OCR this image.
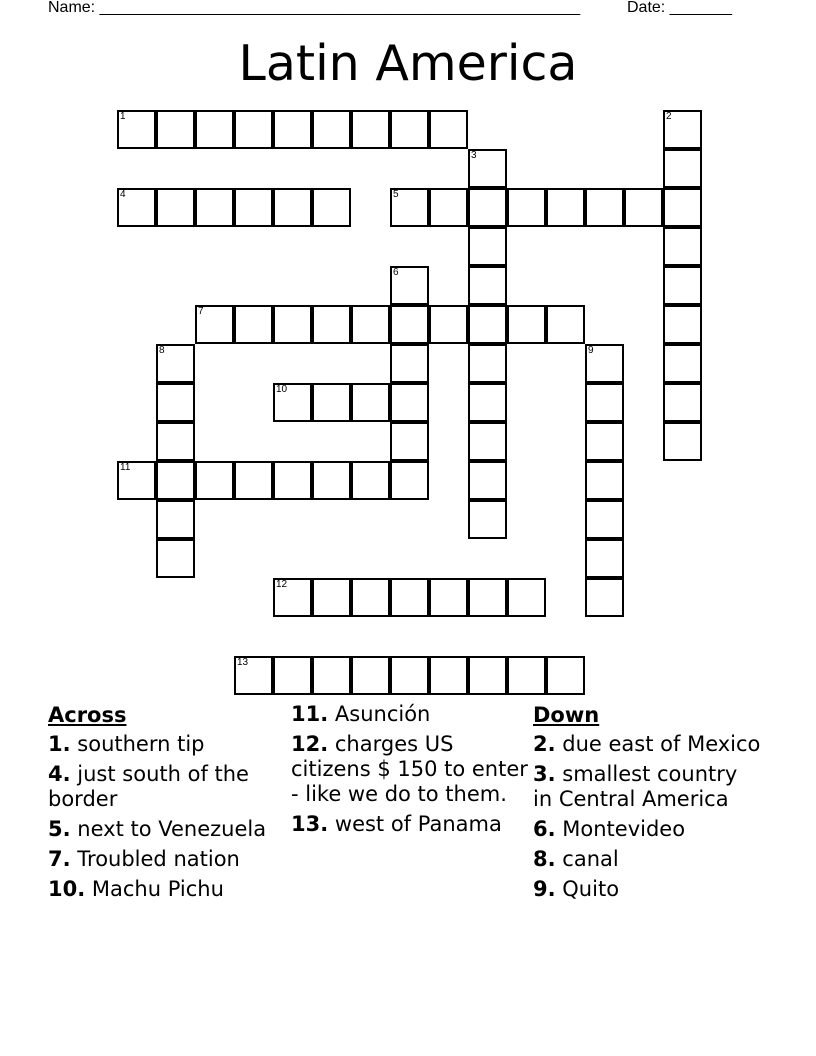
Name: ______________________________________________________	Date: _______
Latin America
1	2
3
4	5
6
7
8	9
10
11
12
13
Across
1. southern tip
4. just south of the border
5. next to Venezuela
7. Troubled nation
10. Machu Pichu
11. Asunción
12. charges US citizens $ 150 to enter - like we do to them.
13. west of Panama
Down
2. due east of Mexico
3. smallest country in Central America
6. Montevideo
8. canal
9. Quito
